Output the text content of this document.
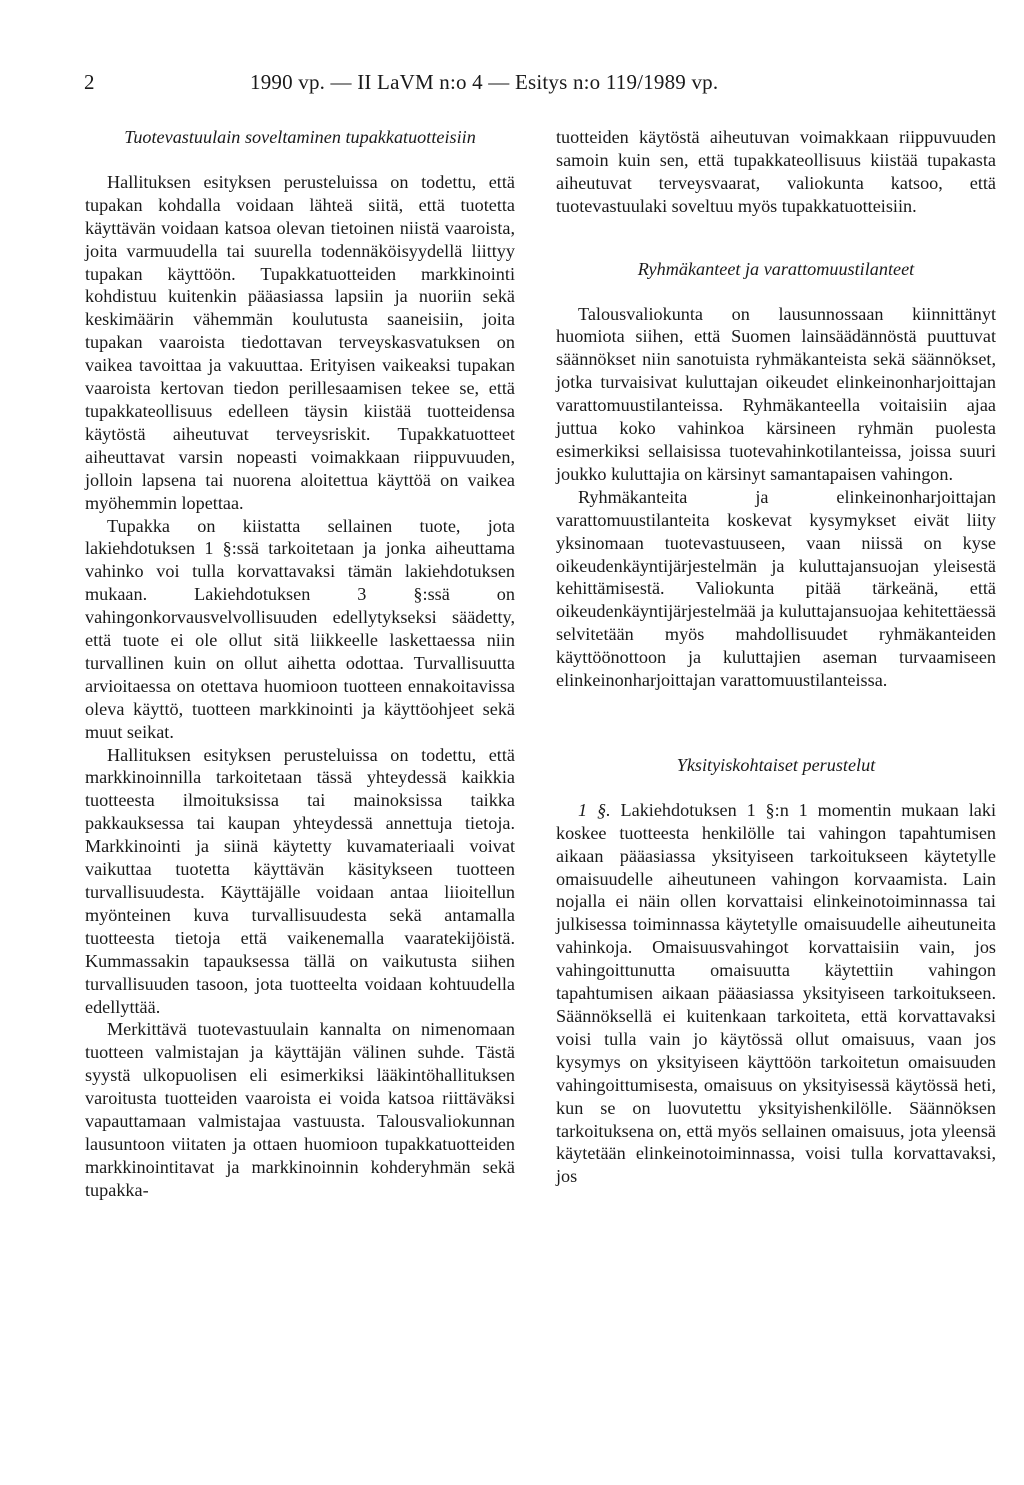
2	1990 vp. — II LaVM n:o 4 — Esitys n:o 119/1989 vp.
Tuotevastuulain soveltaminen tupakkatuotteisiin

Hallituksen esityksen perusteluissa on todettu, että tupakan kohdalla voidaan lähteä siitä, että tuotetta käyttävän voidaan katsoa olevan tietoinen niistä vaaroista, joita varmuudella tai suurella todennäköisyydellä liittyy tupakan käyttöön. Tupakkatuotteiden markkinointi kohdistuu kuitenkin pääasiassa lapsiin ja nuoriin sekä keskimäärin vähemmän koulutusta saaneisiin, joita tupakan vaaroista tiedottavan terveyskasvatuksen on vaikea tavoittaa ja vakuuttaa. Erityisen vaikeaksi tupakan vaaroista kertovan tiedon perillesaamisen tekee se, että tupakkateollisuus edelleen täysin kiistää tuotteidensa käytöstä aiheutuvat terveysriskit. Tupakkatuotteet aiheuttavat varsin nopeasti voimakkaan riippuvuuden, jolloin lapsena tai nuorena aloitettua käyttöä on vaikea myöhemmin lopettaa.

Tupakka on kiistatta sellainen tuote, jota lakiehdotuksen 1 §:ssä tarkoitetaan ja jonka aiheuttama vahinko voi tulla korvattavaksi tämän lakiehdotuksen mukaan. Lakiehdotuksen 3 §:ssä on vahingonkorvausvelvollisuuden edellytykseksi säädetty, että tuote ei ole ollut sitä liikkeelle laskettaessa niin turvallinen kuin on ollut aihetta odottaa. Turvallisuutta arvioitaessa on otettava huomioon tuotteen ennakoitavissa oleva käyttö, tuotteen markkinointi ja käyttöohjeet sekä muut seikat.

Hallituksen esityksen perusteluissa on todettu, että markkinoinnilla tarkoitetaan tässä yhteydessä kaikkia tuotteesta ilmoituksissa tai mainoksissa taikka pakkauksessa tai kaupan yhteydessä annettuja tietoja. Markkinointi ja siinä käytetty kuvamateriaali voivat vaikuttaa tuotetta käyttävän käsitykseen tuotteen turvallisuudesta. Käyttäjälle voidaan antaa liioitellun myönteinen kuva turvallisuudesta sekä antamalla tuotteesta tietoja että vaikenemalla vaaratekijöistä. Kummassakin tapauksessa tällä on vaikutusta siihen turvallisuuden tasoon, jota tuotteelta voidaan kohtuudella edellyttää.

Merkittävä tuotevastuulain kannalta on nimenomaan tuotteen valmistajan ja käyttäjän välinen suhde. Tästä syystä ulkopuolisen eli esimerkiksi lääkintöhallituksen varoitusta tuotteiden vaaroista ei voida katsoa riittäväksi vapauttamaan valmistajaa vastuusta. Talousvaliokunnan lausuntoon viitaten ja ottaen huomioon tupakkatuotteiden markkinointitavat ja markkinoinnin kohderyhmän sekä tupakka-

tuotteiden käytöstä aiheutuvan voimakkaan riippuvuuden samoin kuin sen, että tupakkateollisuus kiistää tupakasta aiheutuvat terveysvaarat, valiokunta katsoo, että tuotevastuulaki soveltuu myös tupakkatuotteisiin.

Ryhmäkanteet ja varattomuustilanteet

Talousvaliokunta on lausunnossaan kiinnittänyt huomiota siihen, että Suomen lainsäädännöstä puuttuvat säännökset niin sanotuista ryhmäkanteista sekä säännökset, jotka turvaisivat kuluttajan oikeudet elinkeinonharjoittajan varattomuustilanteissa. Ryhmäkanteella voitaisiin ajaa juttua koko vahinkoa kärsineen ryhmän puolesta esimerkiksi sellaisissa tuotevahinkotilanteissa, joissa suuri joukko kuluttajia on kärsinyt samantapaisen vahingon.

Ryhmäkanteita ja elinkeinonharjoittajan varattomuustilanteita koskevat kysymykset eivät liity yksinomaan tuotevastuuseen, vaan niissä on kyse oikeudenkäyntijärjestelmän ja kuluttajansuojan yleisestä kehittämisestä. Valiokunta pitää tärkeänä, että oikeudenkäyntijärjestelmää ja kuluttajansuojaa kehitettäessä selvitetään myös mahdollisuudet ryhmäkanteiden käyttöönottoon ja kuluttajien aseman turvaamiseen elinkeinonharjoittajan varattomuustilanteissa.

Yksityiskohtaiset perustelut

1 §. Lakiehdotuksen 1 §:n 1 momentin mukaan laki koskee tuotteesta henkilölle tai vahingon tapahtumisen aikaan pääasiassa yksityiseen tarkoitukseen käytetylle omaisuudelle aiheutuneen vahingon korvaamista. Lain nojalla ei näin ollen korvattaisi elinkeinotoiminnassa tai julkisessa toiminnassa käytetylle omaisuudelle aiheutuneita vahinkoja. Omaisuusvahingot korvattaisiin vain, jos vahingoittunutta omaisuutta käytettiin vahingon tapahtumisen aikaan pääasiassa yksityiseen tarkoitukseen. Säännöksellä ei kuitenkaan tarkoiteta, että korvattavaksi voisi tulla vain jo käytössä ollut omaisuus, vaan jos kysymys on yksityiseen käyttöön tarkoitetun omaisuuden vahingoittumisesta, omaisuus on yksityisessä käytössä heti, kun se on luovutettu yksityishenkilölle. Säännöksen tarkoituksena on, että myös sellainen omaisuus, jota yleensä käytetään elinkeinotoiminnassa, voisi tulla korvattavaksi, jos
